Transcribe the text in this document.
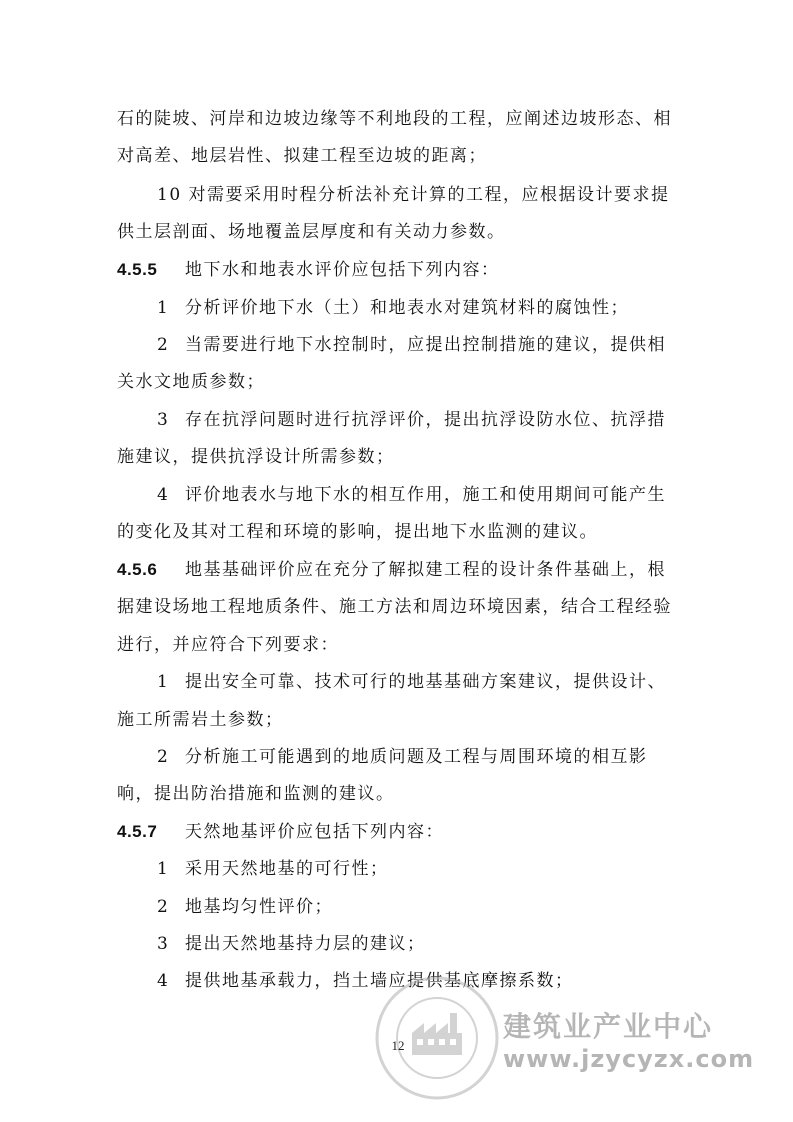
石的陡坡、河岸和边坡边缘等不利地段的工程，应阐述边坡形态、相
对高差、地层岩性、拟建工程至边坡的距离；
10 对需要采用时程分析法补充计算的工程，应根据设计要求提
供土层剖面、场地覆盖层厚度和有关动力参数。
4.5.5 地下水和地表水评价应包括下列内容：
1 分析评价地下水（土）和地表水对建筑材料的腐蚀性；
2 当需要进行地下水控制时，应提出控制措施的建议，提供相
关水文地质参数；
3 存在抗浮问题时进行抗浮评价，提出抗浮设防水位、抗浮措
施建议，提供抗浮设计所需参数；
4 评价地表水与地下水的相互作用，施工和使用期间可能产生
的变化及其对工程和环境的影响，提出地下水监测的建议。
4.5.6 地基基础评价应在充分了解拟建工程的设计条件基础上，根
据建设场地工程地质条件、施工方法和周边环境因素，结合工程经验
进行，并应符合下列要求：
1 提出安全可靠、技术可行的地基基础方案建议，提供设计、
施工所需岩土参数；
2 分析施工可能遇到的地质问题及工程与周围环境的相互影
响，提出防治措施和监测的建议。
4.5.7 天然地基评价应包括下列内容：
1 采用天然地基的可行性；
2 地基均匀性评价；
3 提出天然地基持力层的建议；
4 提供地基承载力，挡土墙应提供基底摩擦系数；
建筑业产业中心
www.jzycyzx.com
12
